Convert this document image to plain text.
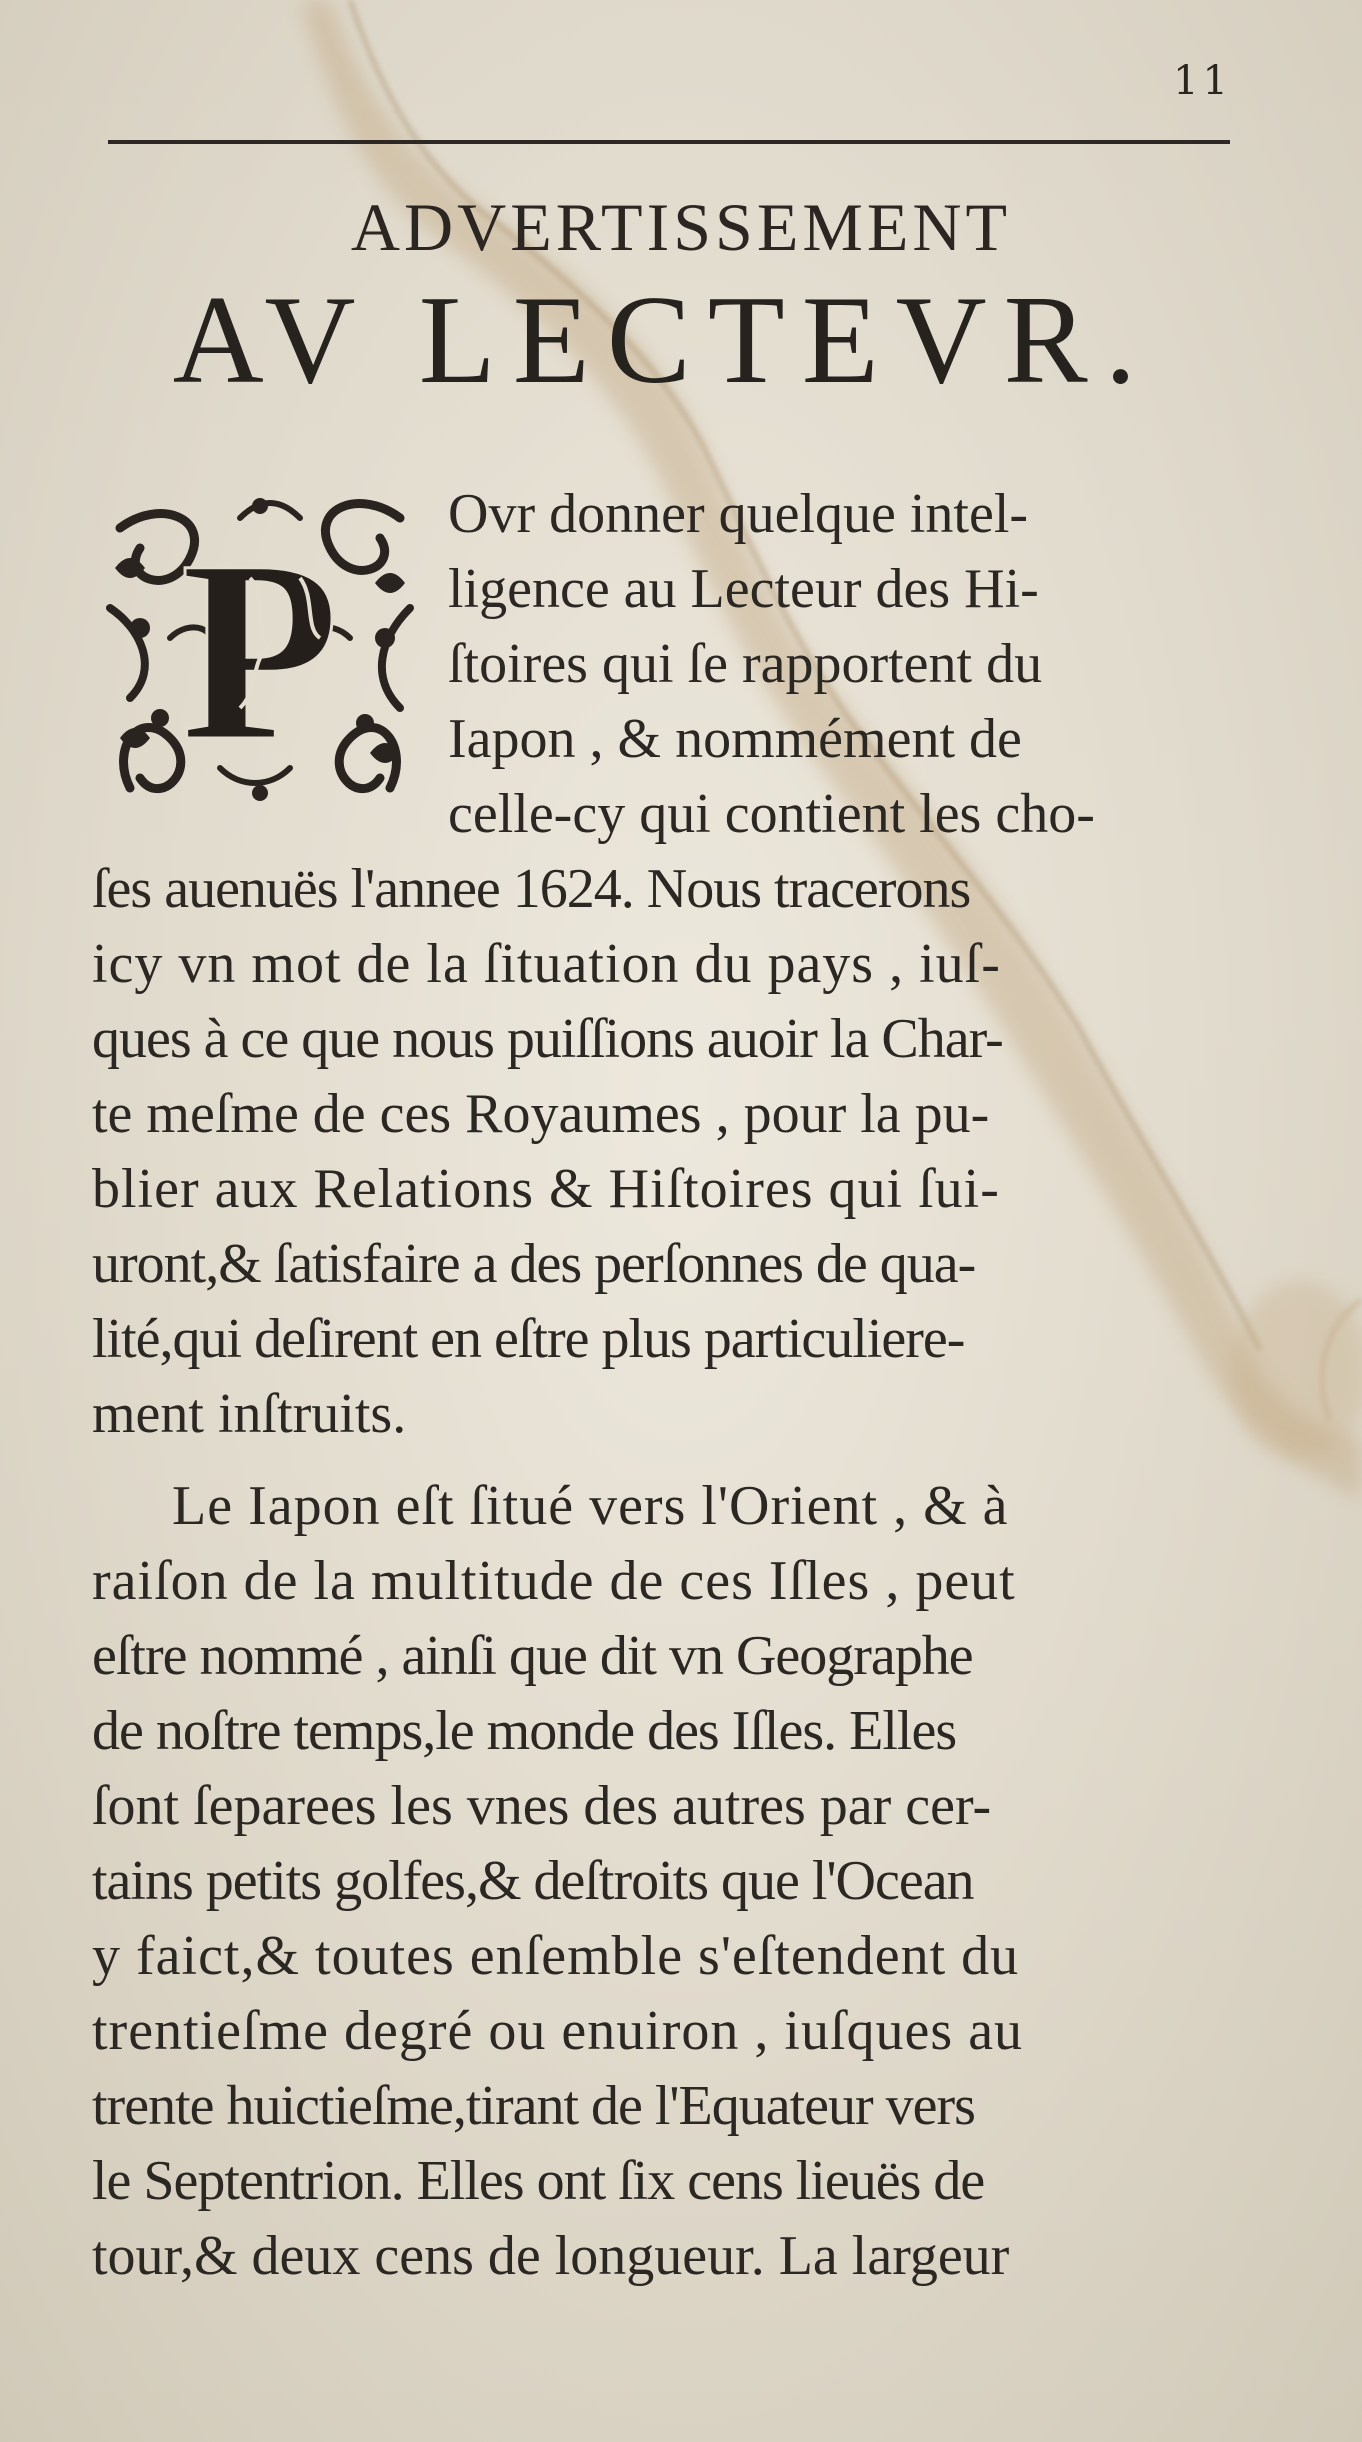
11
ADVERTISSEMENT
AV LECTEVR.
P Ovr donner quelque intel-
ligence au Lecteur des Hi-
ſtoires qui ſe rapportent du
Iapon , & nommément de
celle-cy qui contient les cho-
ſes auenuës l'annee 1624. Nous tracerons
icy vn mot de la ſituation du pays , iuſ-
ques à ce que nous puiſſions auoir la Char-
te meſme de ces Royaumes , pour la pu-
blier aux Relations & Hiſtoires qui ſui-
uront,& ſatisfaire a des perſonnes de qua-
lité,qui deſirent en eſtre plus particuliere-
ment inſtruits.
Le Iapon eſt ſitué vers l'Orient , & à
raiſon de la multitude de ces Iſles , peut
eſtre nommé , ainſi que dit vn Geographe
de noſtre temps,le monde des Iſles. Elles
ſont ſeparees les vnes des autres par cer-
tains petits golfes,& deſtroits que l'Ocean
y faict,& toutes enſemble s'eſtendent du
trentieſme degré ou enuiron , iuſques au
trente huictieſme,tirant de l'Equateur vers
le Septentrion. Elles ont ſix cens lieuës de
tour,& deux cens de longueur. La largeur
